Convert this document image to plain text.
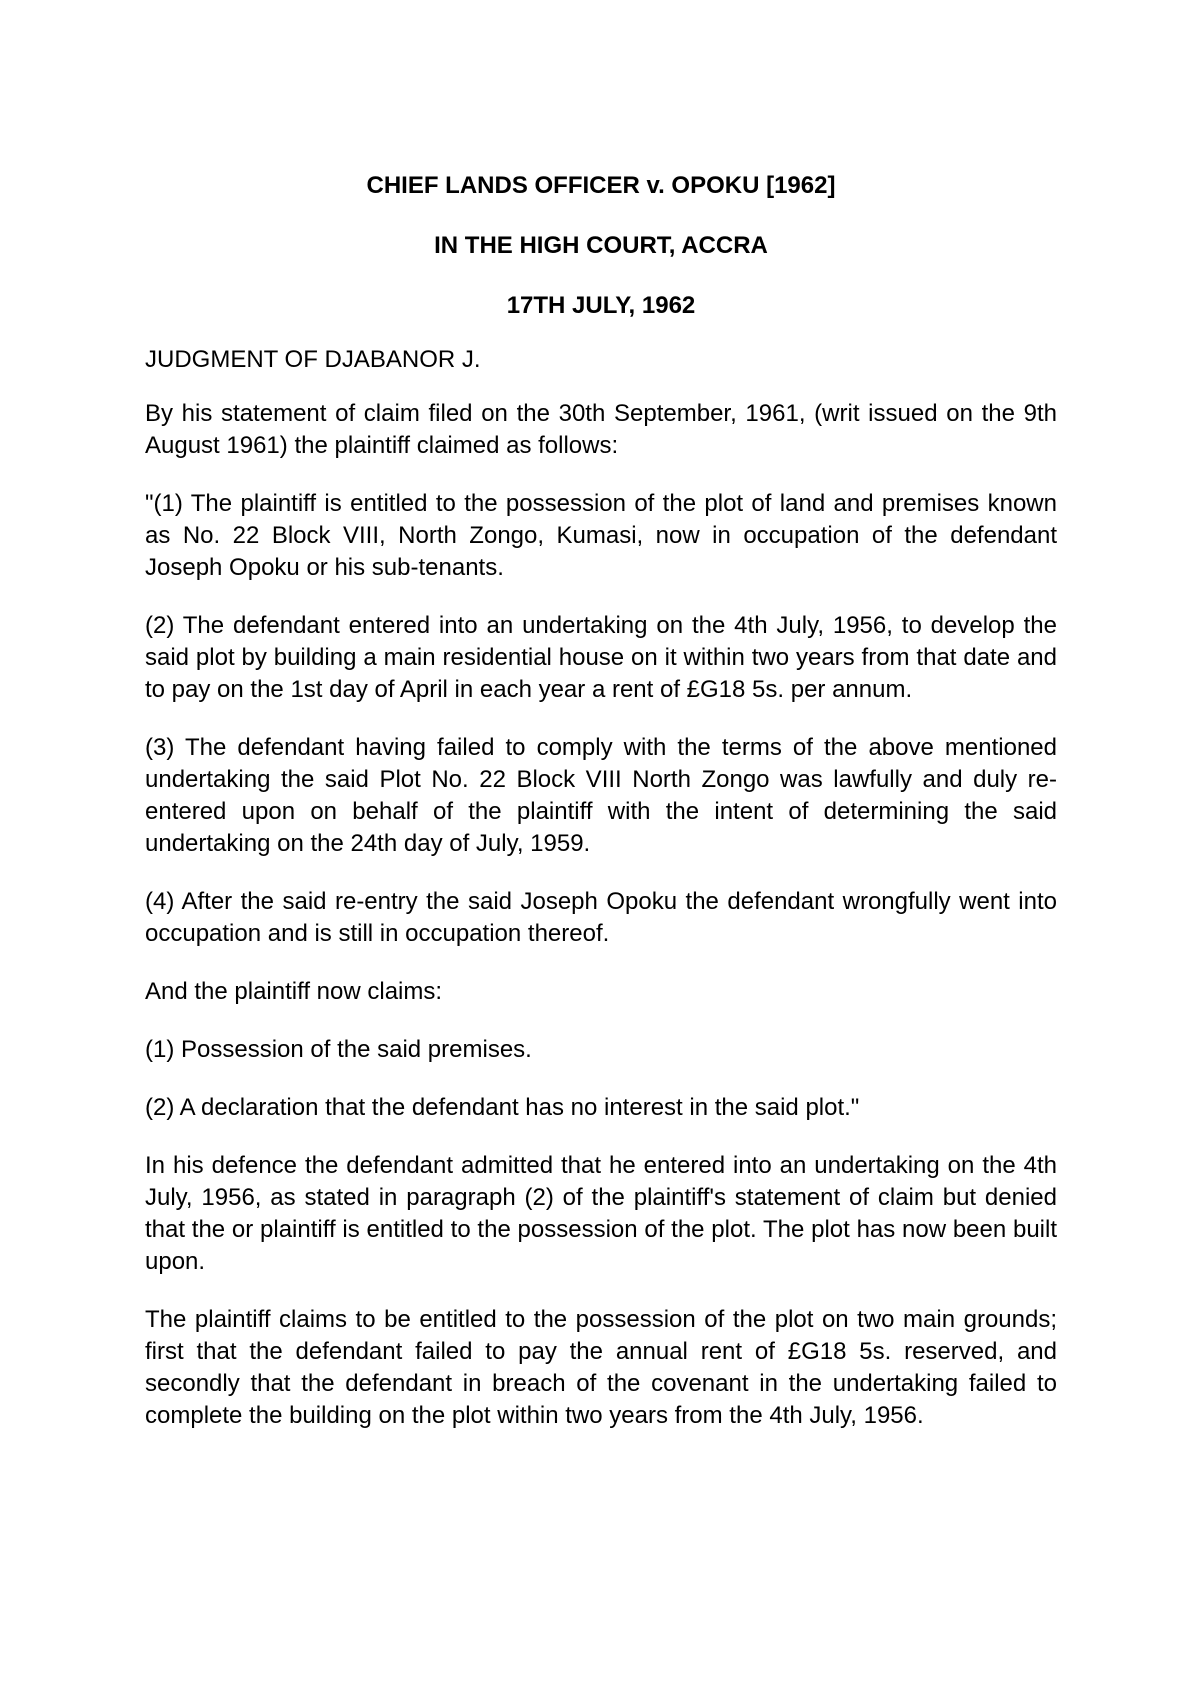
CHIEF LANDS OFFICER v. OPOKU [1962]
IN THE HIGH COURT, ACCRA
17TH JULY, 1962
JUDGMENT OF DJABANOR J.

By his statement of claim filed on the 30th September, 1961, (writ issued on the 9th August 1961) the plaintiff claimed as follows:

"(1) The plaintiff is entitled to the possession of the plot of land and premises known as No. 22 Block VIII, North Zongo, Kumasi, now in occupation of the defendant Joseph Opoku or his sub-tenants.

(2) The defendant entered into an undertaking on the 4th July, 1956, to develop the said plot by building a main residential house on it within two years from that date and to pay on the 1st day of April in each year a rent of £G18 5s. per annum.

(3) The defendant having failed to comply with the terms of the above mentioned undertaking the said Plot No. 22 Block VIII North Zongo was lawfully and duly re-entered upon on behalf of the plaintiff with the intent of determining the said undertaking on the 24th day of July, 1959.

(4) After the said re-entry the said Joseph Opoku the defendant wrongfully went into occupation and is still in occupation thereof.

And the plaintiff now claims:

(1) Possession of the said premises.

(2) A declaration that the defendant has no interest in the said plot."

In his defence the defendant admitted that he entered into an undertaking on the 4th July, 1956, as stated in paragraph (2) of the plaintiff's statement of claim but denied that the or plaintiff is entitled to the possession of the plot. The plot has now been built upon.

The plaintiff claims to be entitled to the possession of the plot on two main grounds; first that the defendant failed to pay the annual rent of £G18 5s. reserved, and secondly that the defendant in breach of the covenant in the undertaking failed to complete the building on the plot within two years from the 4th July, 1956.
